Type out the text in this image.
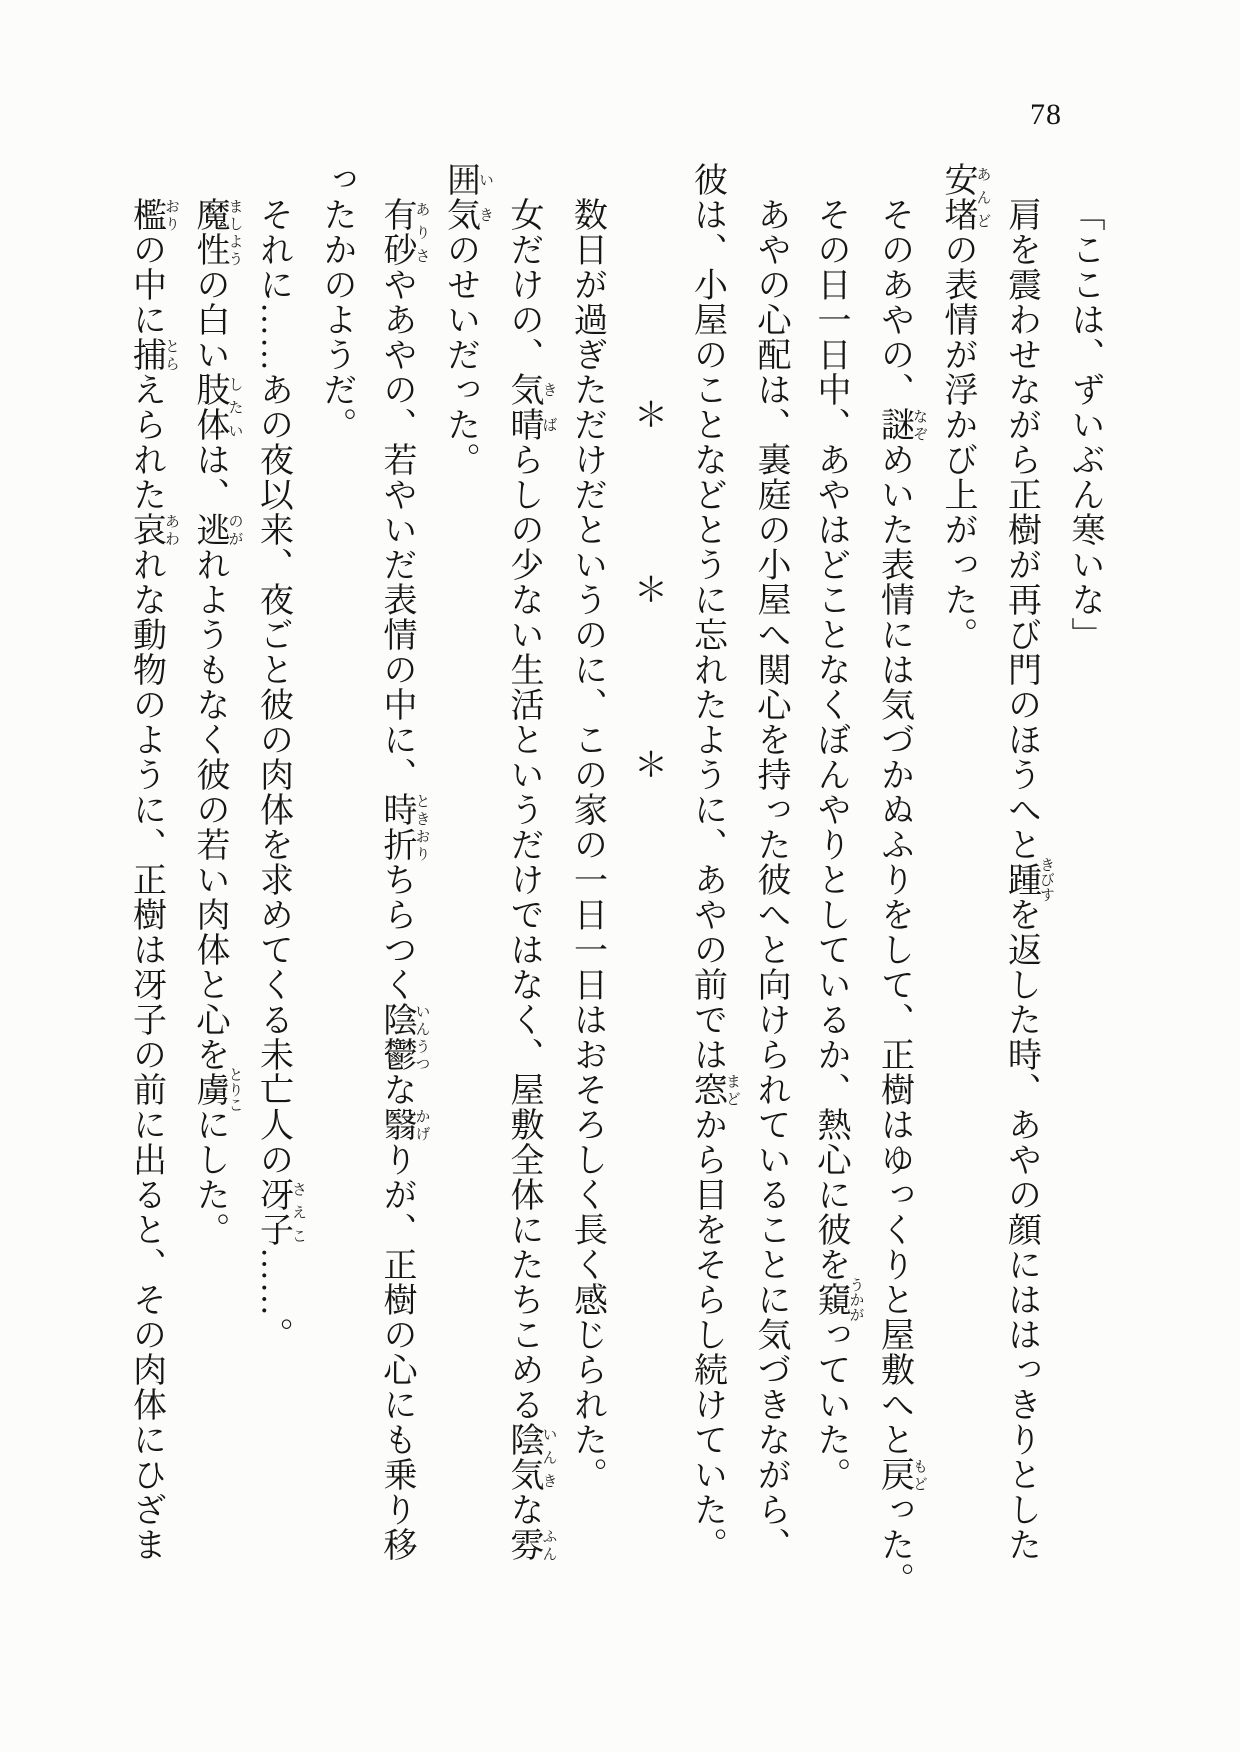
78

「ここは、ずいぶん寒いな」

肩を震わせながら正樹が再び門のほうへと踵きびすを返した時、あやの顔にははっきりとした

安堵あんどの表情が浮かび上がった。

そのあやの、謎なぞめいた表情には気づかぬふりをして、正樹はゆっくりと屋敷へと戻もどった。

その日一日中、あやはどことなくぼんやりとしているか、熱心に彼を窺うかがっていた。

あやの心配は、裏庭の小屋へ関心を持った彼へと向けられていることに気づきながら、

彼は、小屋のことなどとうに忘れたように、あやの前では窓まどから目をそらし続けていた。

＊　　　　＊　　　　＊

数日が過ぎただけだというのに、この家の一日一日はおそろしく長く感じられた。

女だけの、気晴きばらしの少ない生活というだけではなく、屋敷全体にたちこめる陰気いんきな雰ふん

囲気いきのせいだった。

有砂ありさやあやの、若やいだ表情の中に、時折ときおりちらつく陰鬱いんうつな翳かげりが、正樹の心にも乗り移

ったかのようだ。

それに……あの夜以来、夜ごと彼の肉体を求めてくる未亡人の冴子さえこ……。

魔性ましようの白い肢体したいは、逃のがれようもなく彼の若い肉体と心を虜とりこにした。

檻おりの中に捕とらえられた哀あわれな動物のように、正樹は冴子の前に出ると、その肉体にひざま
